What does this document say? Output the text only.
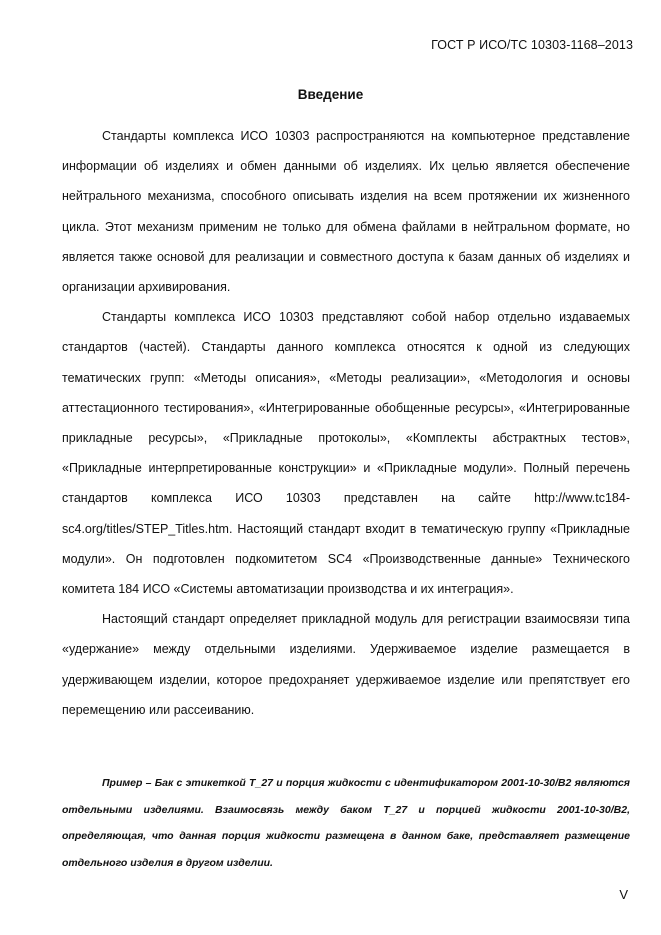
ГОСТ Р ИСО/ТС 10303-1168–2013
Введение

Стандарты комплекса ИСО 10303 распространяются на компьютерное представление информации об изделиях и обмен данными об изделиях. Их целью является обеспечение нейтрального механизма, способного описывать изделия на всем протяжении их жизненного цикла. Этот механизм применим не только для обмена файлами в нейтральном формате, но является также основой для реализации и совместного доступа к базам данных об изделиях и организации архивирования.

Стандарты комплекса ИСО 10303 представляют собой набор отдельно издаваемых стандартов (частей). Стандарты данного комплекса относятся к одной из следующих тематических групп: «Методы описания», «Методы реализации», «Методология и основы аттестационного тестирования», «Интегрированные обобщенные ресурсы», «Интегрированные прикладные ресурсы», «Прикладные протоколы», «Комплекты абстрактных тестов», «Прикладные интерпретированные конструкции» и «Прикладные модули». Полный перечень стандартов комплекса ИСО 10303 представлен на сайте http://www.tc184-sc4.org/titles/STEP_Titles.htm. Настоящий стандарт входит в тематическую группу «Прикладные модули». Он подготовлен подкомитетом SC4 «Производственные данные» Технического комитета 184 ИСО «Системы автоматизации производства и их интеграция».

Настоящий стандарт определяет прикладной модуль для регистрации взаимосвязи типа «удержание» между отдельными изделиями. Удерживаемое изделие размещается в удерживающем изделии, которое предохраняет удерживаемое изделие или препятствует его перемещению или рассеиванию.

Пример – Бак с этикеткой T_27 и порция жидкости с идентификатором 2001-10-30/B2 являются отдельными изделиями. Взаимосвязь между баком T_27 и порцией жидкости 2001-10-30/B2, определяющая, что данная порция жидкости размещена в данном баке, представляет размещение отдельного изделия в другом изделии.
V
